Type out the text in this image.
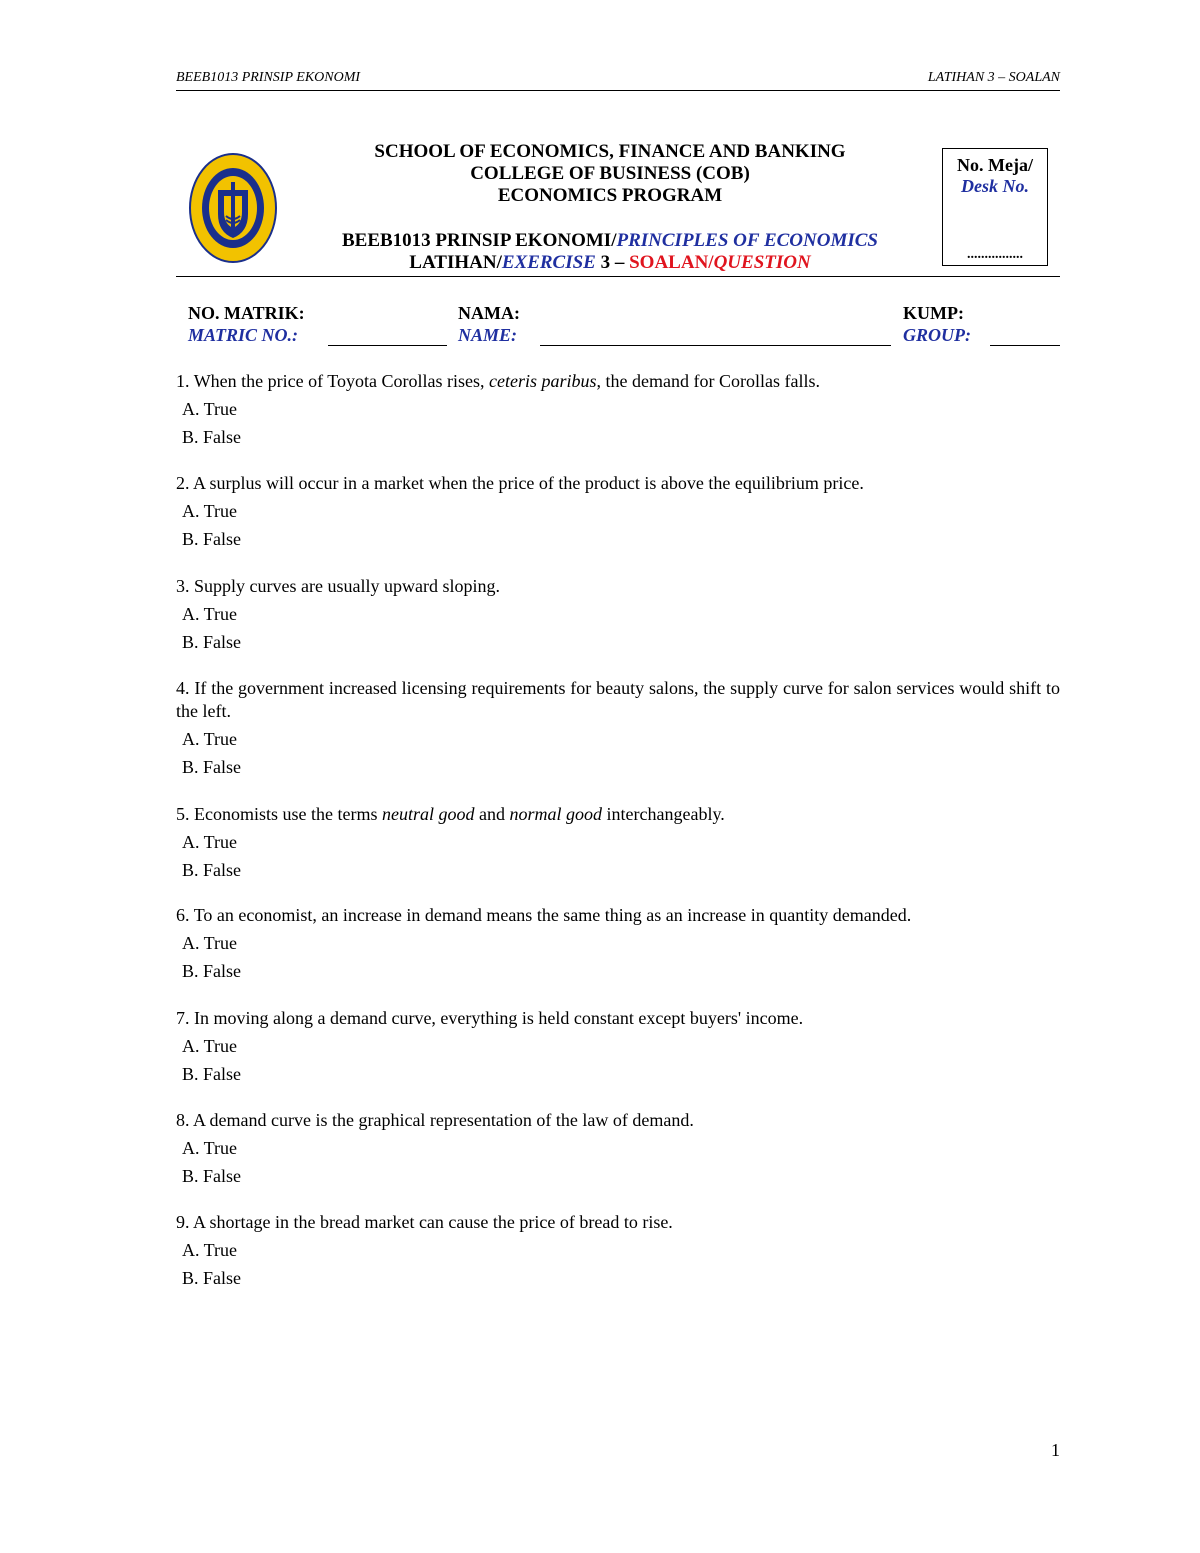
BEEB1013 PRINSIP EKONOMI	LATIHAN 3 – SOALAN
SCHOOL OF ECONOMICS, FINANCE AND BANKING
COLLEGE OF BUSINESS (COB)
ECONOMICS PROGRAM
BEEB1013 PRINSIP EKONOMI/PRINCIPLES OF ECONOMICS
LATIHAN/EXERCISE 3 – SOALAN/QUESTION
No. Meja/
Desk No.
................
NO. MATRIK:
MATRIC NO.:
NAMA:
NAME:
KUMP:
GROUP:
1. When the price of Toyota Corollas rises, ceteris paribus, the demand for Corollas falls.
A. True
B. False
2. A surplus will occur in a market when the price of the product is above the equilibrium price.
A. True
B. False
3. Supply curves are usually upward sloping.
A. True
B. False
4. If the government increased licensing requirements for beauty salons, the supply curve for salon services would shift to the left.
A. True
B. False
5. Economists use the terms neutral good and normal good interchangeably.
A. True
B. False
6. To an economist, an increase in demand means the same thing as an increase in quantity demanded.
A. True
B. False
7. In moving along a demand curve, everything is held constant except buyers' income.
A. True
B. False
8. A demand curve is the graphical representation of the law of demand.
A. True
B. False
9. A shortage in the bread market can cause the price of bread to rise.
A. True
B. False
1
